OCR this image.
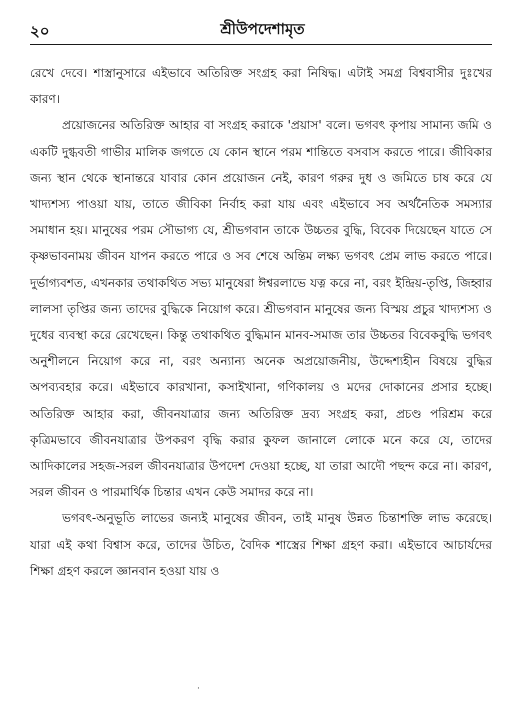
২০	শ্রীউপদেশামৃত

রেখে দেবে। শাস্ত্রানুসারে এইভাবে অতিরিক্ত সংগ্রহ করা নিষিদ্ধ। এটাই সমগ্র বিশ্ববাসীর দুঃখের কারণ।

প্রয়োজনের অতিরিক্ত আহার বা সংগ্রহ করাকে 'প্রয়াস' বলে। ভগবৎ কৃপায় সামান্য জমি ও একটি দুগ্ধবতী গাভীর মালিক জগতে যে কোন স্থানে পরম শান্তিতে বসবাস করতে পারে। জীবিকার জন্য স্থান থেকে স্থানান্তরে যাবার কোন প্রয়োজন নেই, কারণ গরুর দুধ ও জমিতে চাষ করে যে খাদ্যশস্য পাওয়া যায়, তাতে জীবিকা নির্বাহ করা যায় এবং এইভাবে সব অর্থনৈতিক সমস্যার সমাধান হয়। মানুষের পরম সৌভাগ্য যে, শ্রীভগবান তাকে উচ্চতর বুদ্ধি, বিবেক দিয়েছেন যাতে সে কৃষ্ণভাবনাময় জীবন যাপন করতে পারে ও সব শেষে অন্তিম লক্ষ্য ভগবৎ প্রেম লাভ করতে পারে। দুর্ভাগ্যবশত, এখনকার তথাকথিত সভ্য মানুষেরা ঈশ্বরলাভে যত্ন করে না, বরং ইন্দ্রিয়-তৃপ্তি, জিহ্বার লালসা তৃপ্তির জন্য তাদের বুদ্ধিকে নিয়োগ করে। শ্রীভগবান মানুষের জন্য বিস্ময় প্রচুর খাদ্যশস্য ও দুধের ব্যবস্থা করে রেখেছেন। কিন্তু তথাকথিত বুদ্ধিমান মানব-সমাজ তার উচ্চতর বিবেকবুদ্ধি ভগবৎ অনুশীলনে নিয়োগ করে না, বরং অন্যান্য অনেক অপ্রয়োজনীয়, উদ্দেশ্যহীন বিষয়ে বুদ্ধির অপব্যবহার করে। এইভাবে কারখানা, কসাইখানা, গণিকালয় ও মদের দোকানের প্রসার হচ্ছে। অতিরিক্ত আহার করা, জীবনযাত্রার জন্য অতিরিক্ত দ্রব্য সংগ্রহ করা, প্রচণ্ড পরিশ্রম করে কৃত্রিমভাবে জীবনযাত্রার উপকরণ বৃদ্ধি করার কুফল জানালে লোকে মনে করে যে, তাদের আদিকালের সহজ-সরল জীবনযাত্রার উপদেশ দেওয়া হচ্ছে, যা তারা আদৌ পছন্দ করে না। কারণ, সরল জীবন ও পারমার্থিক চিন্তার এখন কেউ সমাদর করে না।

ভগবৎ-অনুভূতি লাভের জন্যই মানুষের জীবন, তাই মানুষ উন্নত চিন্তাশক্তি লাভ করেছে। যারা এই কথা বিশ্বাস করে, তাদের উচিত, বৈদিক শাস্ত্রের শিক্ষা গ্রহণ করা। এইভাবে আচার্যদের শিক্ষা গ্রহণ করলে জ্ঞানবান হওয়া যায় ও

·
